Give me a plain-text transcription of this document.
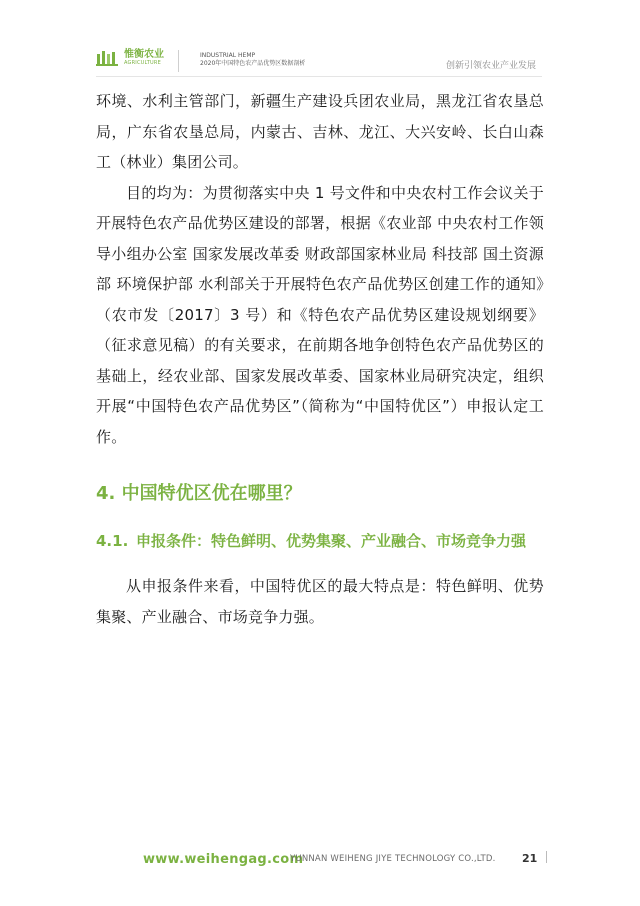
惟衡农业
AGRICULTURE
INDUSTRIAL HEMP
2020年中国特色农产品优势区数据剖析	创新引领农业产业发展

环境、水利主管部门，新疆生产建设兵团农业局，黑龙江省农垦总局，广东省农垦总局，内蒙古、吉林、龙江、大兴安岭、长白山森工（林业）集团公司。

目的均为：为贯彻落实中央 1 号文件和中央农村工作会议关于开展特色农产品优势区建设的部署，根据《农业部 中央农村工作领导小组办公室 国家发展改革委 财政部国家林业局 科技部 国土资源部 环境保护部 水利部关于开展特色农产品优势区创建工作的通知》（农市发〔2017〕3 号）和《特色农产品优势区建设规划纲要》（征求意见稿）的有关要求，在前期各地争创特色农产品优势区的基础上，经农业部、国家发展改革委、国家林业局研究决定，组织开展“中国特色农产品优势区”（简称为“中国特优区”）申报认定工作。

4. 中国特优区优在哪里？
4.1. 申报条件：特色鲜明、优势集聚、产业融合、市场竞争力强

从申报条件来看，中国特优区的最大特点是：特色鲜明、优势集聚、产业融合、市场竞争力强。

www.weihengag.com
YUNNAN WEIHENG JIYE TECHNOLOGY CO.,LTD. 21
